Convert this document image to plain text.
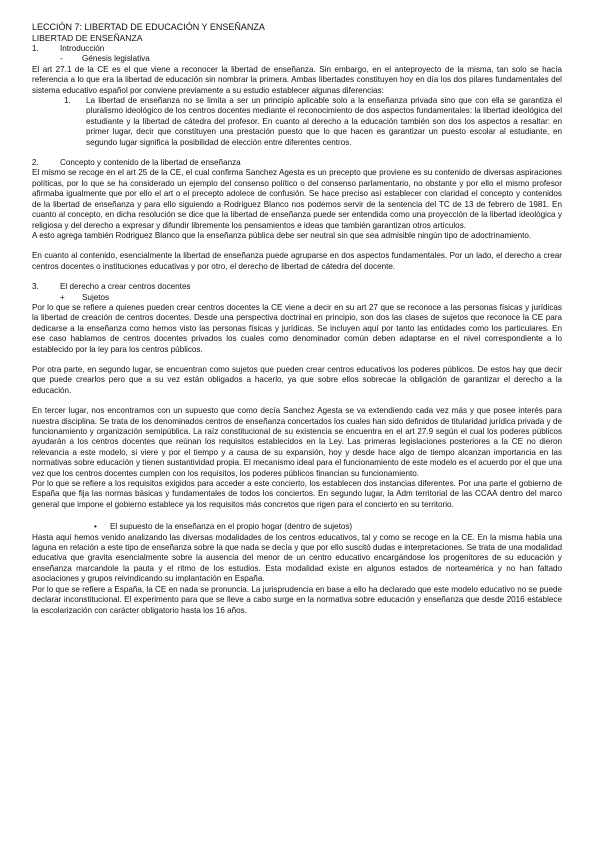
LECCIÓN 7: LIBERTAD DE EDUCACIÓN Y ENSEÑANZA
LIBERTAD DE ENSEÑANZA
1.	Introducción
-	Génesis legislativa

El art 27.1 de la CE es el que viene a reconocer la libertad de enseñanza. Sin embargo, en el anteproyecto de la misma, tan solo se hacía referencia a lo que era la libertad de educación sin nombrar la primera. Ambas libertades constituyen hoy en día los dos pilares fundamentales del sistema educativo español por conviene previamente a su estudio establecer algunas diferencias:

1.	La libertad de enseñanza no se limita a ser un principio aplicable solo a la enseñanza privada sino que con ella se garantiza el pluralismo ideológico de los centros docentes mediante el reconocimiento de dos aspectos fundamentales: la libertad ideológica del estudiante y la libertad de cátedra del profesor. En cuanto al derecho a la educación también son dos los aspectos a resaltar: en primer lugar, decir que constituyen una prestación puesto que lo que hacen es garantizar un puesto escolar al estudiante, en segundo lugar significa la posibilidad de elección entre diferentes centros.

2.	Concepto y contenido de la libertad de enseñanza

El mismo se recoge en el art 25 de la CE, el cual confirma Sanchez Agesta es un precepto que proviene es su contenido de diversas aspiraciones políticas, por lo que se ha considerado un ejemplo del consenso político o del consenso parlamentario, no obstante y por ello el mismo profesor afirmaba igualmente que por ello el art o el precepto adolece de confusión. Se hace preciso así establecer con claridad el concepto y contenidos de la libertad de enseñanza y para ello siguiendo a Rodriguez Blanco nos podemos servir de la sentencia del TC de 13 de febrero de 1981. En cuanto al concepto, en dicha resolución se dice que la libertad de enseñanza puede ser entendida como una proyección de la libertad ideológica y religiosa y del derecho a expresar y difundir libremente los pensamientos e ideas que también garantizan otros artículos.

A esto agrega también Rodriguez Blanco que la enseñanza pública debe ser neutral sin que sea admisible ningún tipo de adoctrinamiento.

En cuanto al contenido, esencialmente la libertad de enseñanza puede agruparse en dos aspectos fundamentales. Por un lado, el derecho a crear centros docentes o instituciones educativas y por otro, el derecho de libertad de cátedra del docente.

3.	El derecho a crear centros docentes
+	Sujetos

Por lo que se refiere a quienes pueden crear centros docentes la CE viene a decir en su art 27 que se reconoce a las personas físicas y jurídicas la libertad de creación de centros docentes. Desde una perspectiva doctrinal en principio, son dos las clases de sujetos que reconoce la CE para dedicarse a la enseñanza como hemos visto las personas físicas y jurídicas. Se incluyen aquí por tanto las entidades como los particulares. En ese caso hablamos de centros docentes privados los cuales como denominador común deben adaptarse en el nivel correspondiente a lo establecido por la ley para los centros públicos.

Por otra parte, en segundo lugar, se encuentran como sujetos que pueden crear centros educativos los poderes públicos. De estos hay que decir que puede crearlos pero que a su vez están obligados a hacerlo, ya que sobre ellos sobrecae la obligación de garantizar el derecho a la educación.

En tercer lugar, nos encontramos con un supuesto que como decía Sanchez Agesta se va extendiendo cada vez más y que posee interés para nuestra disciplina. Se trata de los denominados centros de enseñanza concertados los cuales han sido definidos de titularidad jurídica privada y de funcionamiento y organización semipública. La raíz constitucional de su existencia se encuentra en el art 27.9 según el cual los poderes públicos ayudarán a los centros docentes que reúnan los requisitos establecidos en la Ley. Las primeras legislaciones posteriores a la CE no dieron relevancia a este modelo, si viere y por el tiempo y a causa de su expansión, hoy y desde hace algo de tiempo alcanzan importancia en las normativas sobre educación y tienen sustantividad propia. El mecanismo ideal para el funcionamiento de este modelo es el acuerdo por el que una vez que los centros docentes cumplen con los requisitos, los poderes públicos financian su funcionamiento.

Por lo que se refiere a los requisitos exigidos para acceder a este concierto, los establecen dos instancias diferentes. Por una parte el gobierno de España que fija las normas básicas y fundamentales de todos los conciertos. En segundo lugar, la Adm territorial de las CCAA dentro del marco general que impone el gobierno establece ya los requisitos más concretos que rigen para el concierto en su territorio.

•	El supuesto de la enseñanza en el propio hogar (dentro de sujetos)

Hasta aquí hemos venido analizando las diversas modalidades de los centros educativos, tal y como se recoge en la CE. En la misma había una laguna en relación a este tipo de enseñanza sobre la que nada se decía y que por ello suscitó dudas e interpretaciones. Se trata de una modalidad educativa que gravita esencialmente sobre la ausencia del menor de un centro educativo encargándose los progenitores de su educación y enseñanza marcandole la pauta y el ritmo de los estudios. Esta modalidad existe en algunos estados de norteamérica y no han faltado asociaciones y grupos reivindicando su implantación en España.

Por lo que se refiere a España, la CE en nada se pronuncia. La jurisprudencia en base a ello ha declarado que este modelo educativo no se puede declarar inconstitucional. El experimento para que se lleve a cabo surge en la normativa sobre educación y enseñanza que desde 2016 establece la escolarización con carácter obligatorio hasta los 16 años.
